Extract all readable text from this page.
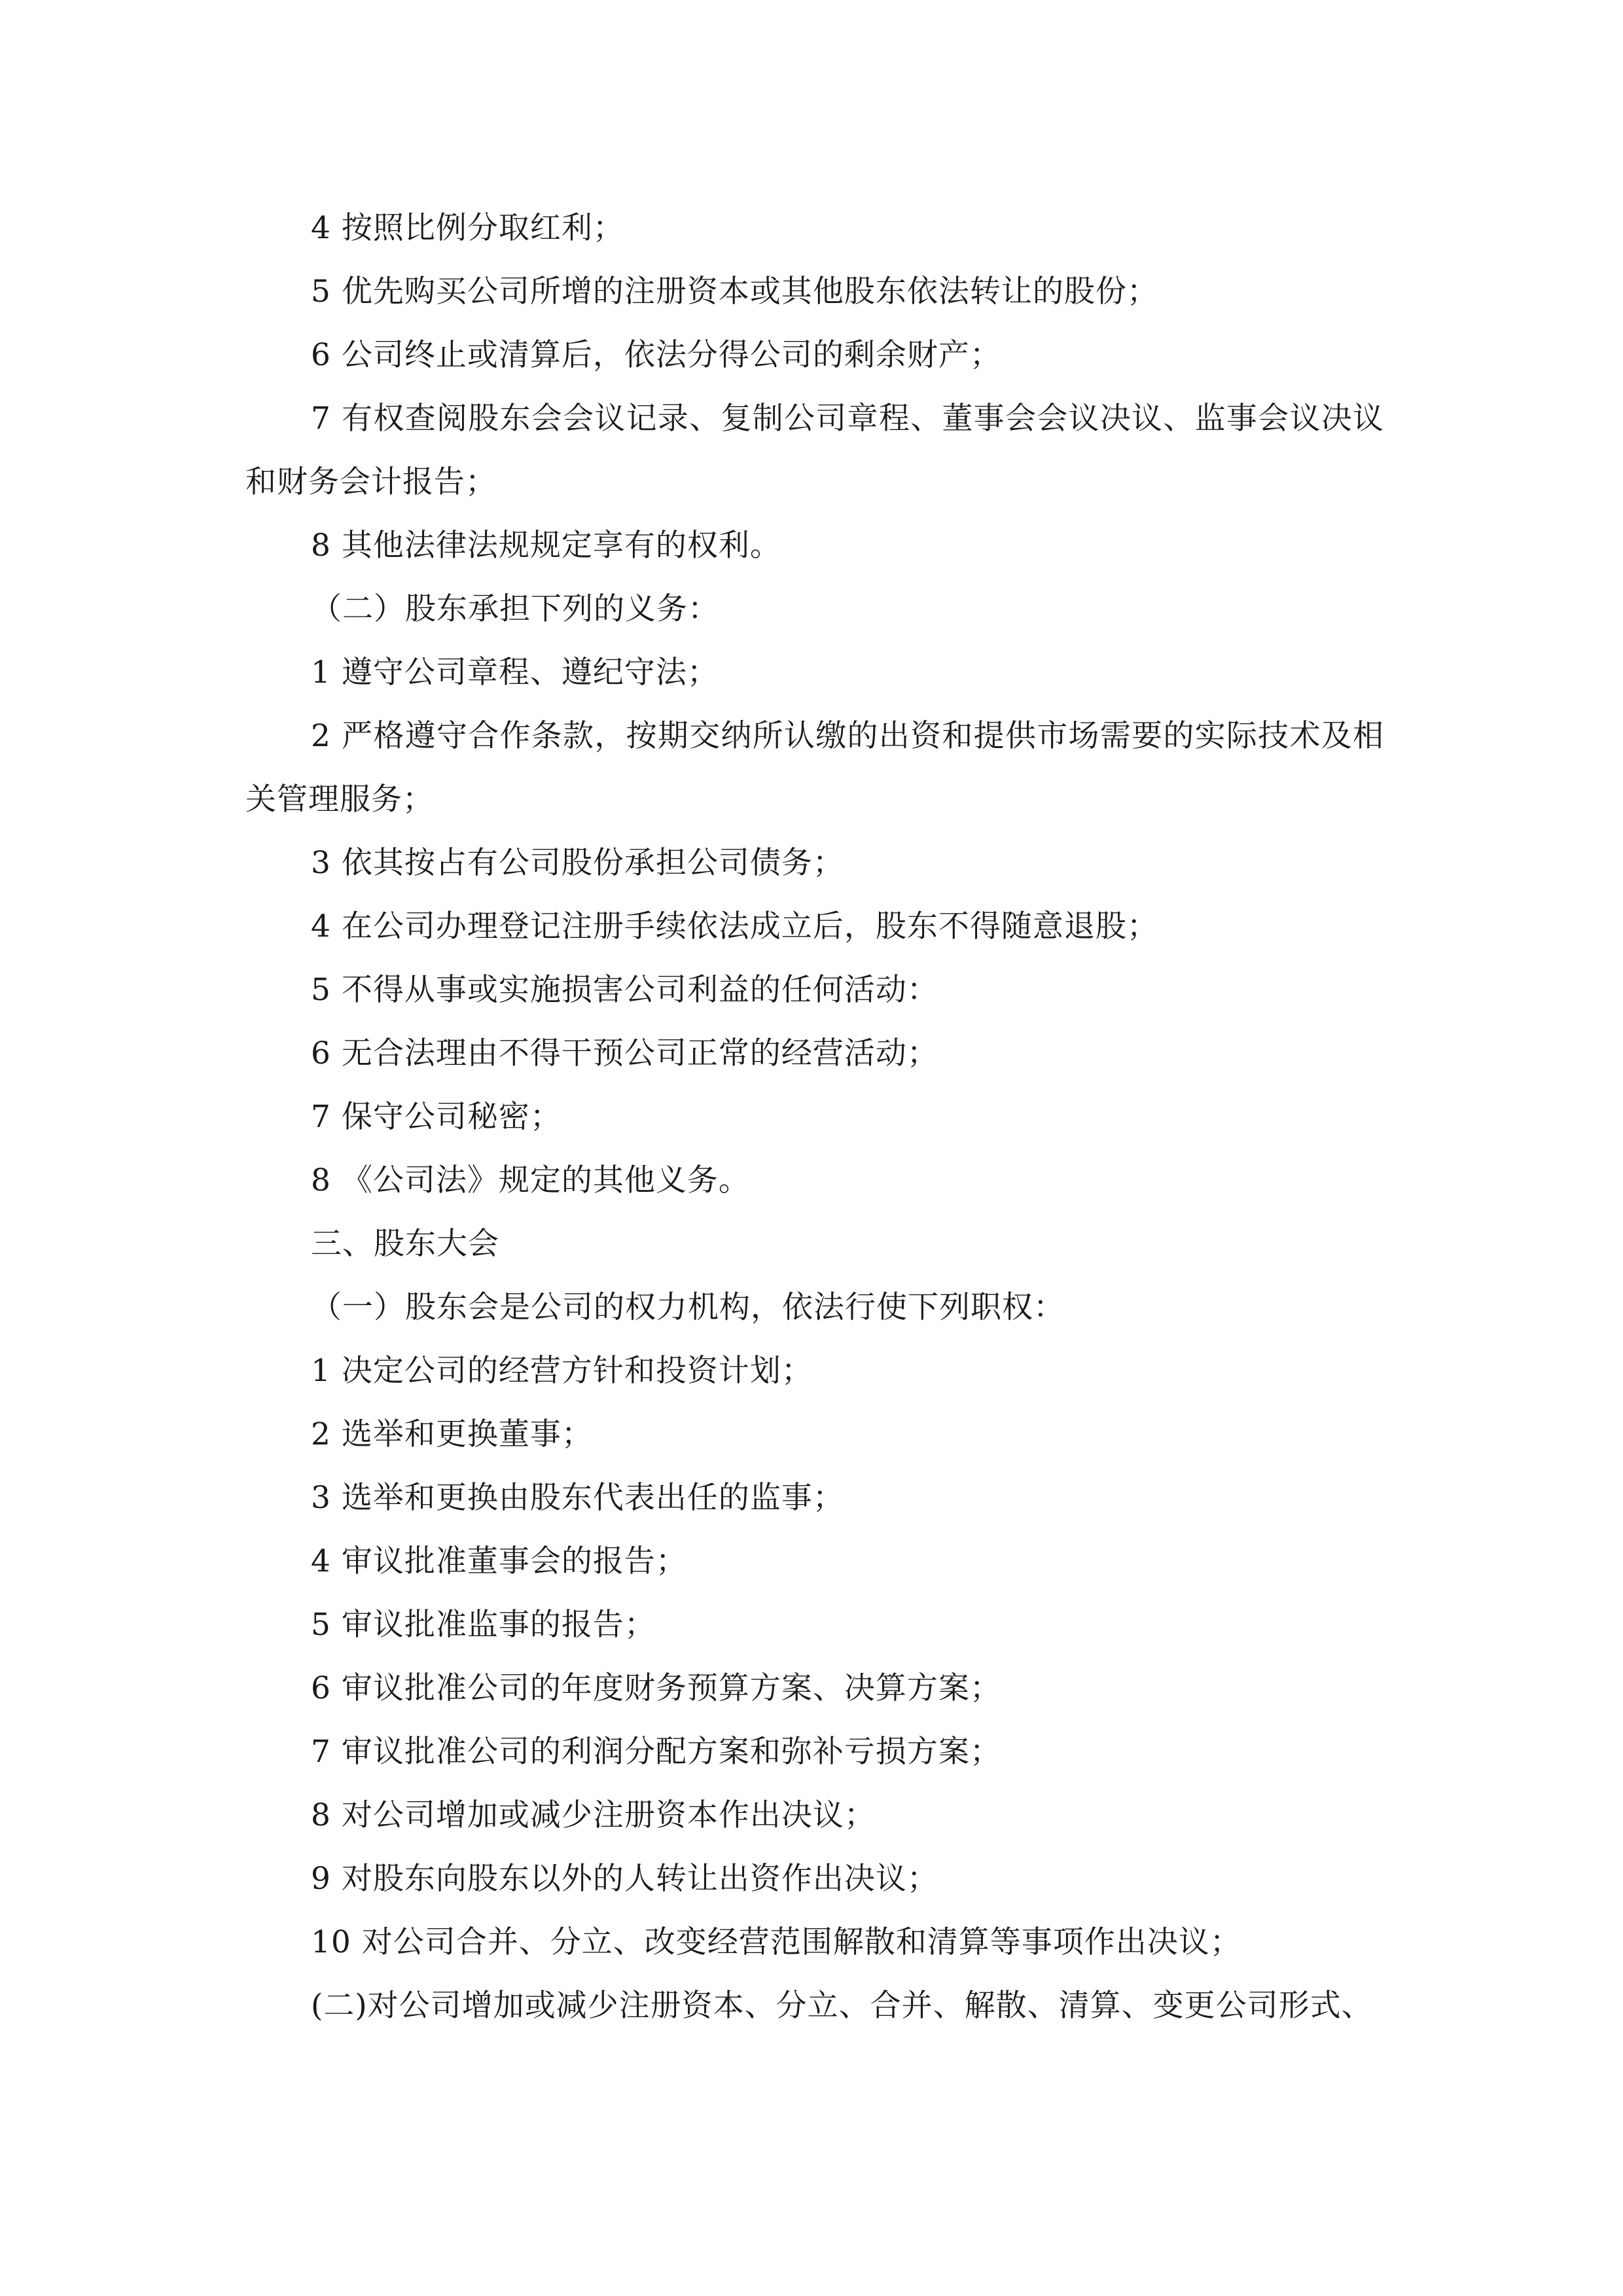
4 按照比例分取红利；

5 优先购买公司所增的注册资本或其他股东依法转让的股份；

6 公司终止或清算后，依法分得公司的剩余财产；

7 有权查阅股东会会议记录、复制公司章程、董事会会议决议、监事会议决议和财务会计报告；

8 其他法律法规规定享有的权利。

（二）股东承担下列的义务：

1 遵守公司章程、遵纪守法；

2 严格遵守合作条款，按期交纳所认缴的出资和提供市场需要的实际技术及相关管理服务；

3 依其按占有公司股份承担公司债务；

4 在公司办理登记注册手续依法成立后，股东不得随意退股；

5 不得从事或实施损害公司利益的任何活动：

6 无合法理由不得干预公司正常的经营活动；

7 保守公司秘密；

8 《公司法》规定的其他义务。

三、股东大会

（一）股东会是公司的权力机构，依法行使下列职权：

1 决定公司的经营方针和投资计划；

2 选举和更换董事；

3 选举和更换由股东代表出任的监事；

4 审议批准董事会的报告；

5 审议批准监事的报告；

6 审议批准公司的年度财务预算方案、决算方案；

7 审议批准公司的利润分配方案和弥补亏损方案；

8 对公司增加或减少注册资本作出决议；

9 对股东向股东以外的人转让出资作出决议；

10 对公司合并、分立、改变经营范围解散和清算等事项作出决议；

(二)对公司增加或减少注册资本、分立、合并、解散、清算、变更公司形式、
